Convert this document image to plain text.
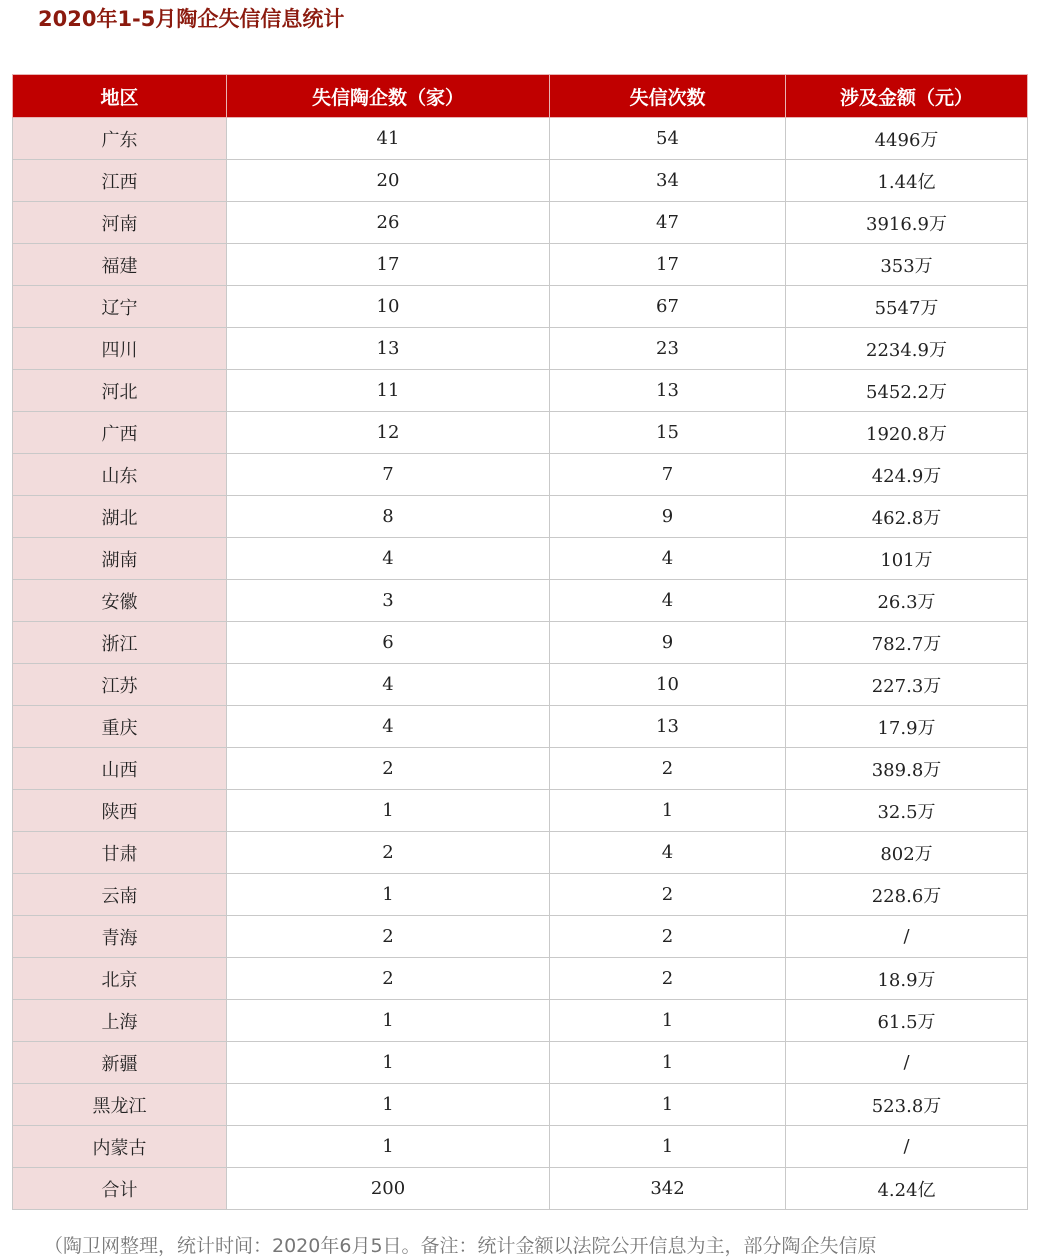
2020年1-5月陶企失信信息统计
地区	失信陶企数（家）	失信次数	涉及金额（元）
广东	41	54	4496万
江西	20	34	1.44亿
河南	26	47	3916.9万
福建	17	17	353万
辽宁	10	67	5547万
四川	13	23	2234.9万
河北	11	13	5452.2万
广西	12	15	1920.8万
山东	7	7	424.9万
湖北	8	9	462.8万
湖南	4	4	101万
安徽	3	4	26.3万
浙江	6	9	782.7万
江苏	4	10	227.3万
重庆	4	13	17.9万
山西	2	2	389.8万
陕西	1	1	32.5万
甘肃	2	4	802万
云南	1	2	228.6万
青海	2	2	/
北京	2	2	18.9万
上海	1	1	61.5万
新疆	1	1	/
黑龙江	1	1	523.8万
内蒙古	1	1	/
合计	200	342	4.24亿
（陶卫网整理，统计时间：2020年6月5日。备注：统计金额以法院公开信息为主，部分陶企失信原
